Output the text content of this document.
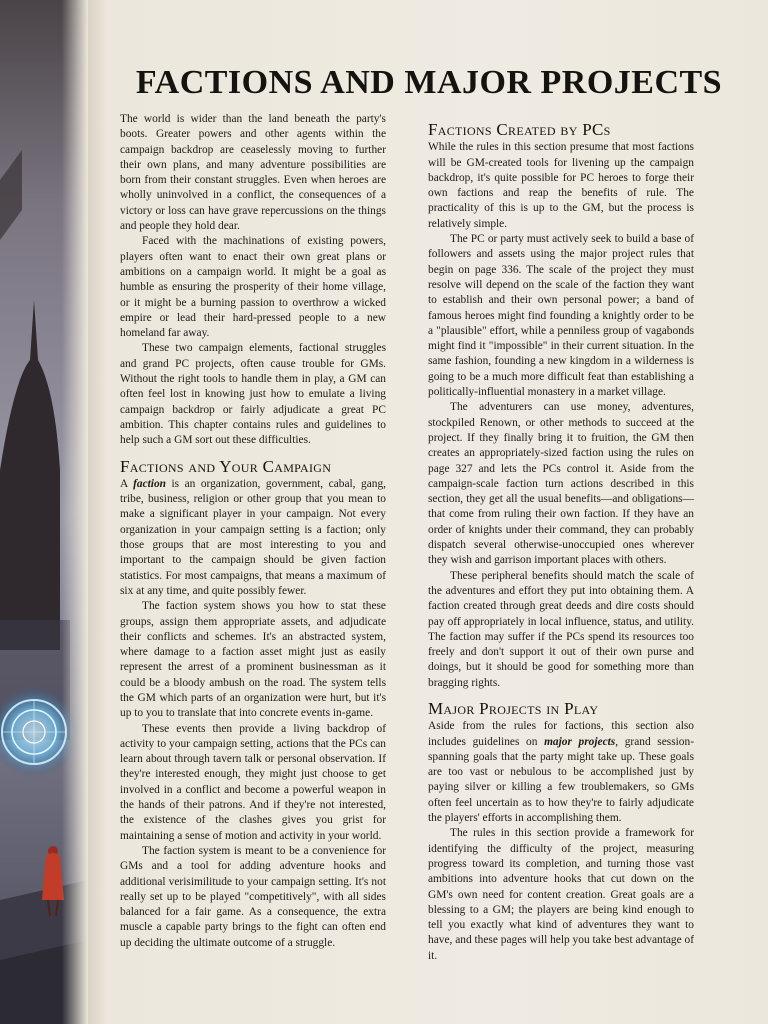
FACTIONS AND MAJOR PROJECTS

The world is wider than the land beneath the party's boots. Greater powers and other agents within the campaign backdrop are ceaselessly moving to further their own plans, and many adventure possibilities are born from their constant struggles. Even when heroes are wholly uninvolved in a conflict, the consequences of a victory or loss can have grave repercussions on the things and people they hold dear.

Faced with the machinations of existing powers, players often want to enact their own great plans or ambitions on a campaign world. It might be a goal as humble as ensuring the prosperity of their home village, or it might be a burning passion to overthrow a wicked empire or lead their hard-pressed people to a new homeland far away.

These two campaign elements, factional struggles and grand PC projects, often cause trouble for GMs. Without the right tools to handle them in play, a GM can often feel lost in knowing just how to emulate a living campaign backdrop or fairly adjudicate a great PC ambition. This chapter contains rules and guidelines to help such a GM sort out these difficulties.

Factions and Your Campaign

A faction is an organization, government, cabal, gang, tribe, business, religion or other group that you mean to make a significant player in your campaign. Not every organization in your campaign setting is a faction; only those groups that are most interesting to you and important to the campaign should be given faction statistics. For most campaigns, that means a maximum of six at any time, and quite possibly fewer.

The faction system shows you how to stat these groups, assign them appropriate assets, and adjudicate their conflicts and schemes. It's an abstracted system, where damage to a faction asset might just as easily represent the arrest of a prominent businessman as it could be a bloody ambush on the road. The system tells the GM which parts of an organization were hurt, but it's up to you to translate that into concrete events in-game.

These events then provide a living backdrop of activity to your campaign setting, actions that the PCs can learn about through tavern talk or personal observation. If they're interested enough, they might just choose to get involved in a conflict and become a powerful weapon in the hands of their patrons. And if they're not interested, the existence of the clashes gives you grist for maintaining a sense of motion and activity in your world.

The faction system is meant to be a convenience for GMs and a tool for adding adventure hooks and additional verisimilitude to your campaign setting. It's not really set up to be played "competitively", with all sides balanced for a fair game. As a consequence, the extra muscle a capable party brings to the fight can often end up deciding the ultimate outcome of a struggle.

Factions Created by PCs

While the rules in this section presume that most factions will be GM-created tools for livening up the campaign backdrop, it's quite possible for PC heroes to forge their own factions and reap the benefits of rule. The practicality of this is up to the GM, but the process is relatively simple.

The PC or party must actively seek to build a base of followers and assets using the major project rules that begin on page 336. The scale of the project they must resolve will depend on the scale of the faction they want to establish and their own personal power; a band of famous heroes might find founding a knightly order to be a "plausible" effort, while a penniless group of vagabonds might find it "impossible" in their current situation. In the same fashion, founding a new kingdom in a wilderness is going to be a much more difficult feat than establishing a politically-influential monastery in a market village.

The adventurers can use money, adventures, stockpiled Renown, or other methods to succeed at the project. If they finally bring it to fruition, the GM then creates an appropriately-sized faction using the rules on page 327 and lets the PCs control it. Aside from the campaign-scale faction turn actions described in this section, they get all the usual benefits—and obligations—that come from ruling their own faction. If they have an order of knights under their command, they can probably dispatch several otherwise-unoccupied ones wherever they wish and garrison important places with others.

These peripheral benefits should match the scale of the adventures and effort they put into obtaining them. A faction created through great deeds and dire costs should pay off appropriately in local influence, status, and utility. The faction may suffer if the PCs spend its resources too freely and don't support it out of their own purse and doings, but it should be good for something more than bragging rights.

Major Projects in Play

Aside from the rules for factions, this section also includes guidelines on major projects, grand session-spanning goals that the party might take up. These goals are too vast or nebulous to be accomplished just by paying silver or killing a few troublemakers, so GMs often feel uncertain as to how they're to fairly adjudicate the players' efforts in accomplishing them.

The rules in this section provide a framework for identifying the difficulty of the project, measuring progress toward its completion, and turning those vast ambitions into adventure hooks that cut down on the GM's own need for content creation. Great goals are a blessing to a GM; the players are being kind enough to tell you exactly what kind of adventures they want to have, and these pages will help you take best advantage of it.
